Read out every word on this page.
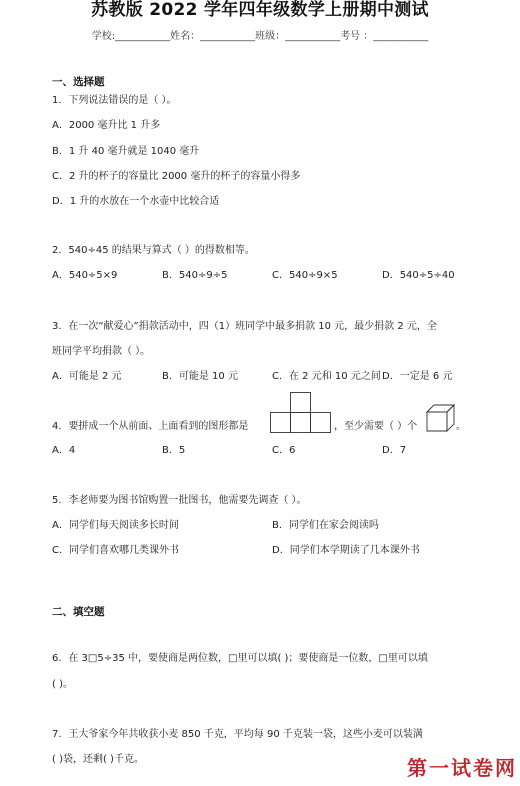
苏教版 2022 学年四年级数学上册期中测试
学校:___________姓名：___________班级：___________考号 ：___________
一、选择题
1．下列说法错误的是（ ）。
A．2000 毫升比 1 升多
B．1 升 40 毫升就是 1040 毫升
C．2 升的杯子的容量比 2000 毫升的杯子的容量小得多
D．1 升的水放在一个水壶中比较合适
2．540÷45 的结果与算式（ ）的得数相等。
A．540÷5×9	B．540÷9÷5	C．540÷9×5	D．540÷5÷40
3．在一次“献爱心”捐款活动中，四（1）班同学中最多捐款 10 元，最少捐款 2 元，全
班同学平均捐款（ ）。
A．可能是 2 元	B．可能是 10 元	C．在 2 元和 10 元之间 D．一定是 6 元
4．要拼成一个从前面、上面看到的图形都是	，至少需要（ ）个	。
A．4	B．5	C．6	D．7
5．李老师要为图书馆购置一批图书，他需要先调查（ ）。
A．同学们每天阅读多长时间	B．同学们在家会阅读吗
C．同学们喜欢哪几类课外书	D．同学们本学期读了几本课外书
二、填空题
6．在 3□5÷35 中，要使商是两位数，□里可以填( )；要使商是一位数，□里可以填
( )。
7．王大爷家今年共收获小麦 850 千克，平均每 90 千克装一袋，这些小麦可以装满
( )袋，还剩( )千克。	第一试卷网
